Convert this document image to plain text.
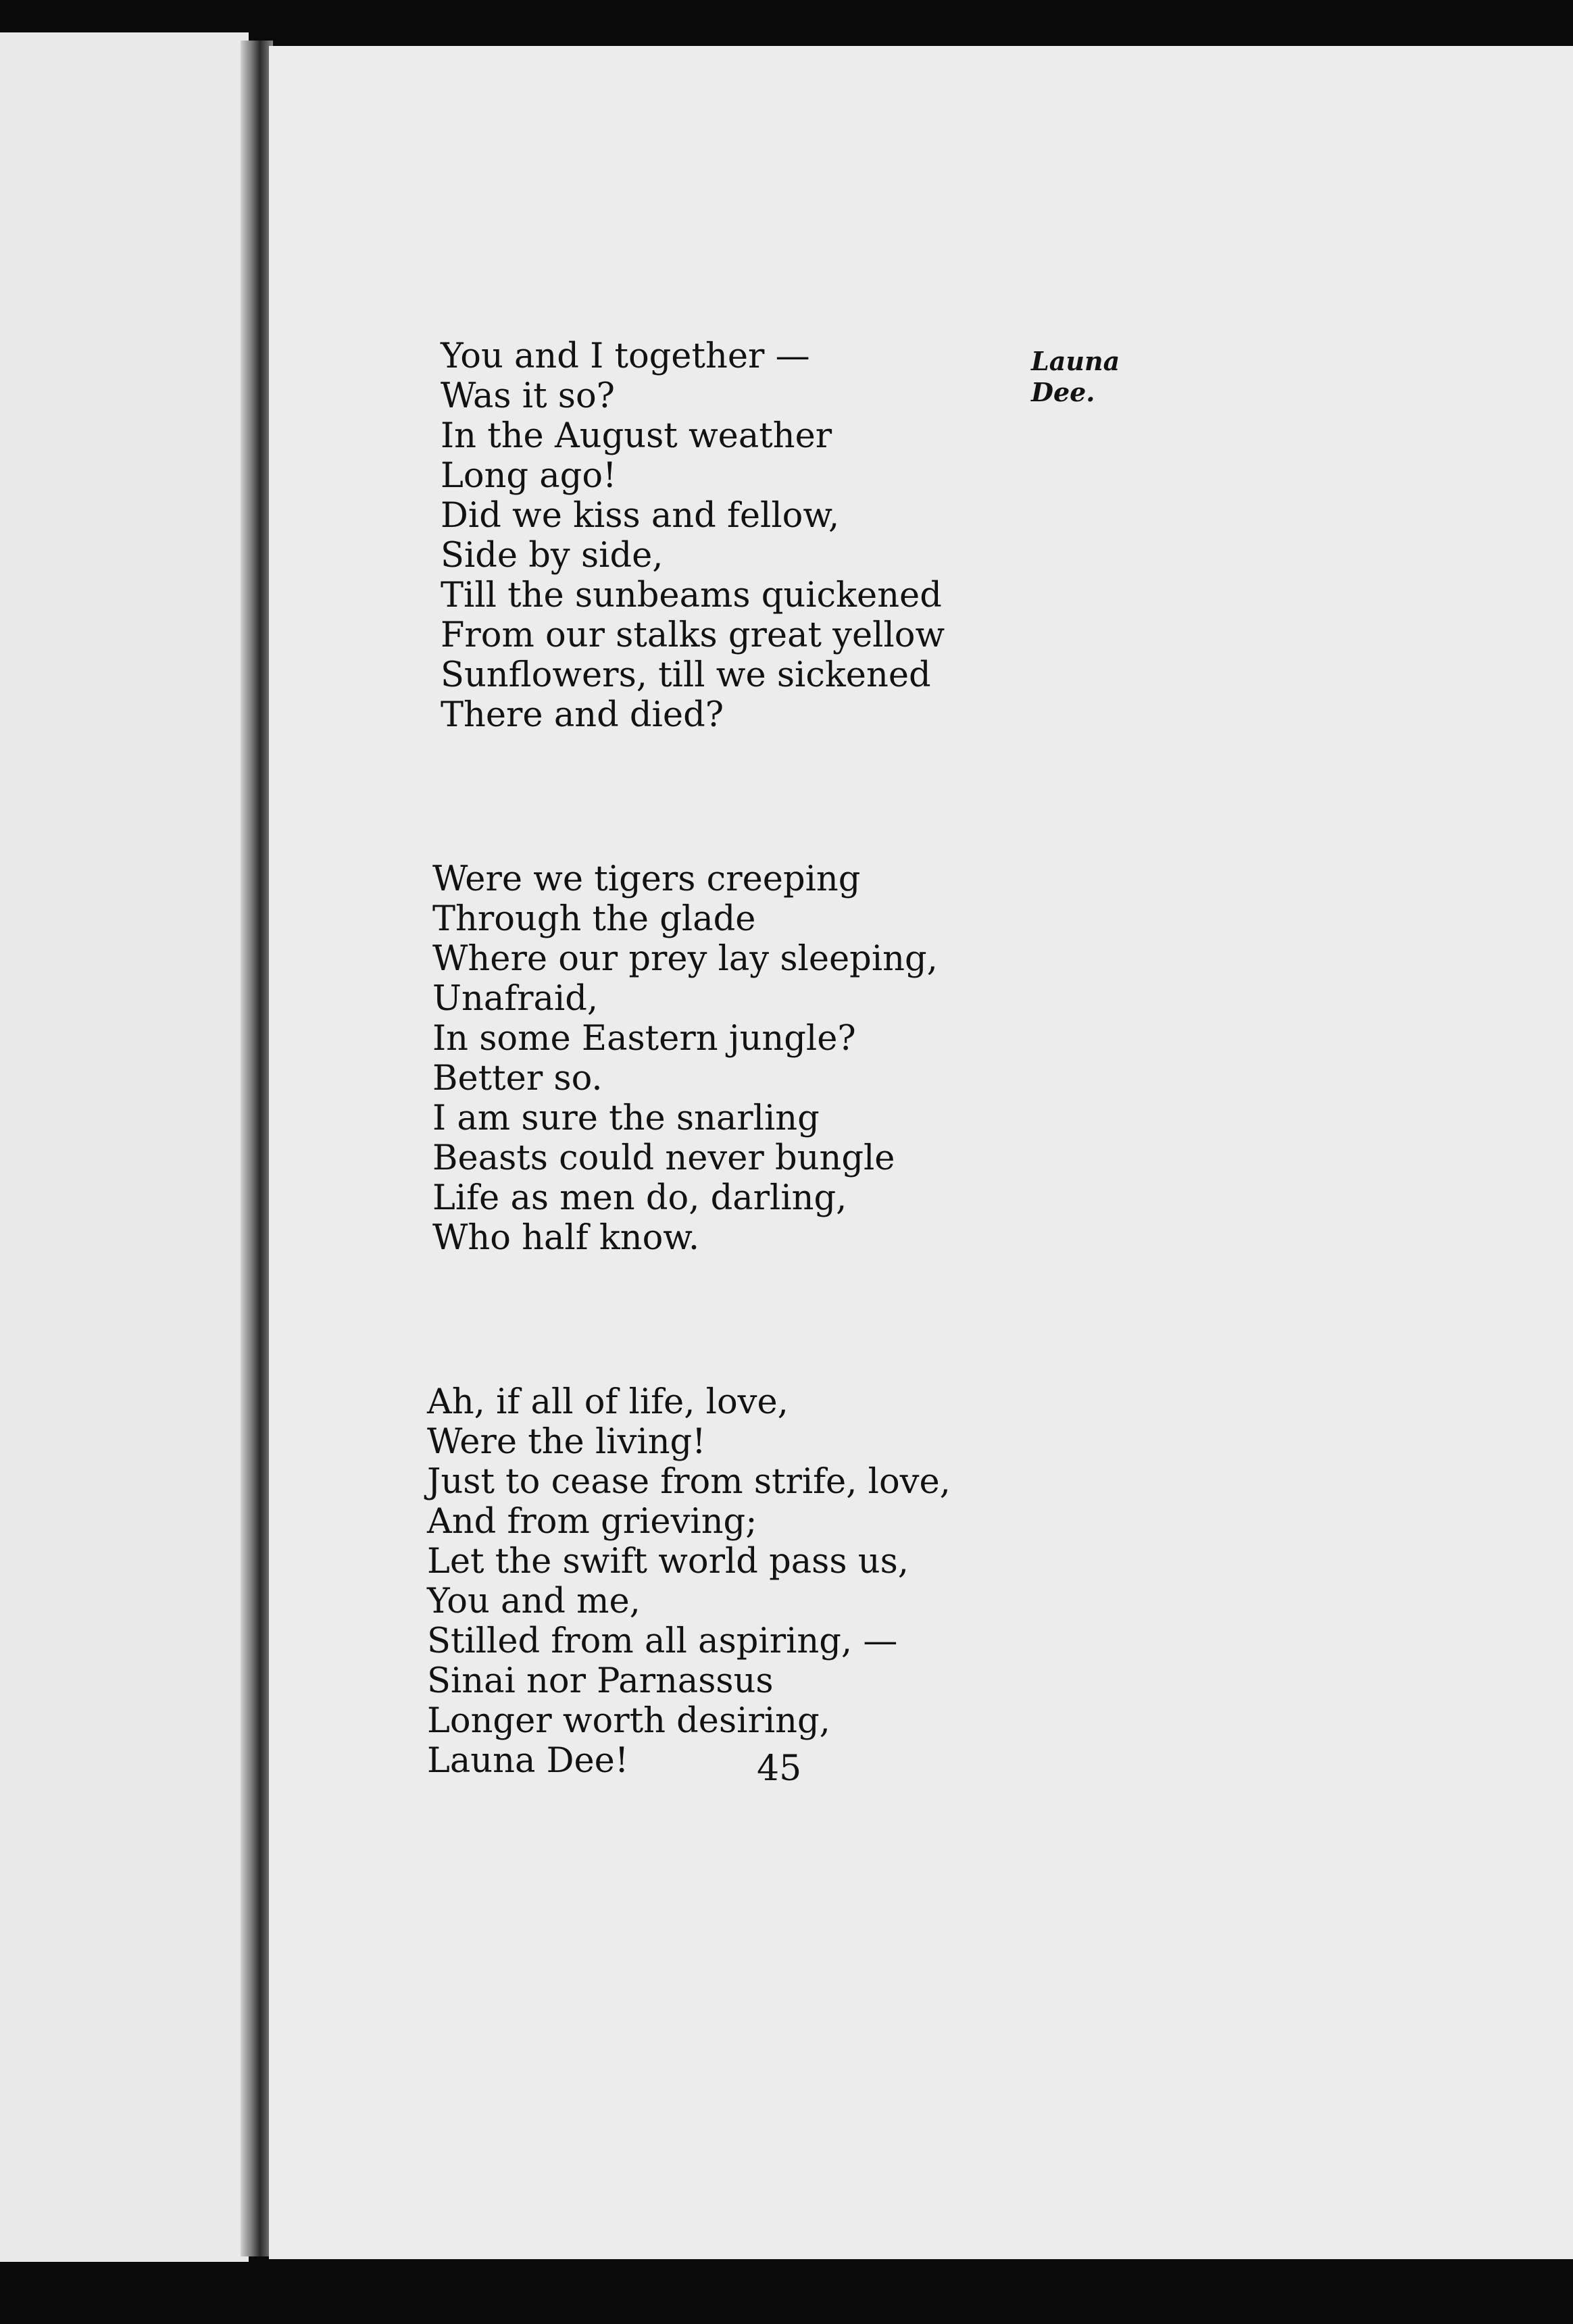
Launa
Dee.
You and I together —
Was it so?
In the August weather
Long ago!
Did we kiss and fellow,
Side by side,
Till the sunbeams quickened
From our stalks great yellow
Sunflowers, till we sickened
There and died?
Were we tigers creeping
Through the glade
Where our prey lay sleeping,
Unafraid,
In some Eastern jungle?
Better so.
I am sure the snarling
Beasts could never bungle
Life as men do, darling,
Who half know.
Ah, if all of life, love,
Were the living!
Just to cease from strife, love,
And from grieving;
Let the swift world pass us,
You and me,
Stilled from all aspiring, —
Sinai nor Parnassus
Longer worth desiring,
Launa Dee!	45
